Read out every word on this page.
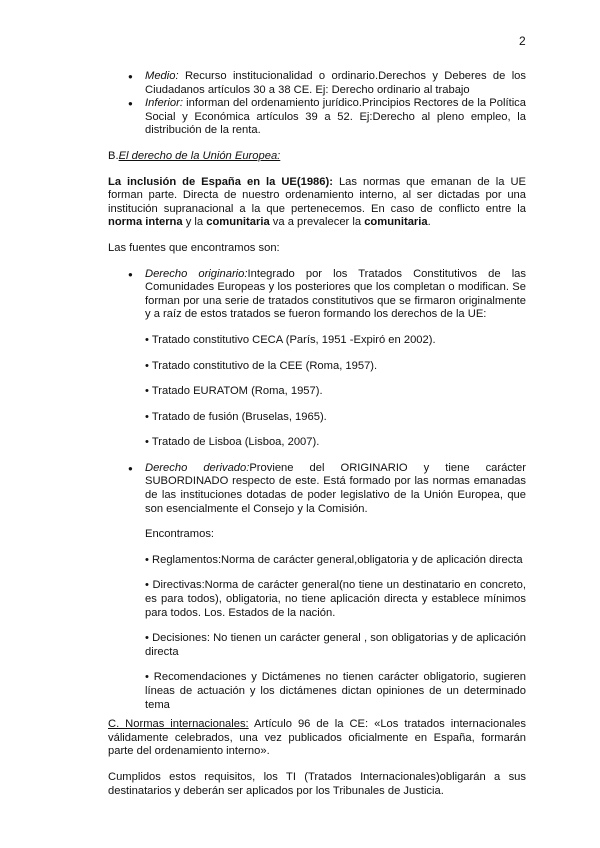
2
● Medio: Recurso institucionalidad o ordinario.Derechos y Deberes de los Ciudadanos artículos 30 a 38 CE. Ej: Derecho ordinario al trabajo
● Inferior: informan del ordenamiento jurídico.Principios Rectores de la Política Social y Económica artículos 39 a 52. Ej:Derecho al pleno empleo, la distribución de la renta.

B.El derecho de la Unión Europea:

La inclusión de España en la UE(1986): Las normas que emanan de la UE forman parte. Directa de nuestro ordenamiento interno, al ser dictadas por una institución supranacional a la que pertenecemos. En caso de conflicto entre la norma interna y la comunitaria va a prevalecer la comunitaria.

Las fuentes que encontramos son:

● Derecho originario:Integrado por los Tratados Constitutivos de las Comunidades Europeas y los posteriores que los completan o modifican. Se forman por una serie de tratados constitutivos que se firmaron originalmente y a raíz de estos tratados se fueron formando los derechos de la UE:

• Tratado constitutivo CECA (París, 1951 -Expiró en 2002).

• Tratado constitutivo de la CEE (Roma, 1957).

• Tratado EURATOM (Roma, 1957).

• Tratado de fusión (Bruselas, 1965).

• Tratado de Lisboa (Lisboa, 2007).

● Derecho derivado:Proviene del ORIGINARIO y tiene carácter SUBORDINADO respecto de este. Está formado por las normas emanadas de las instituciones dotadas de poder legislativo de la Unión Europea, que son esencialmente el Consejo y la Comisión.

Encontramos:

• Reglamentos:Norma de carácter general,obligatoria y de aplicación directa

• Directivas:Norma de carácter general(no tiene un destinatario en concreto, es para todos), obligatoria, no tiene aplicación directa y establece mínimos para todos. Los. Estados de la nación.

• Decisiones: No tienen un carácter general , son obligatorias y de aplicación directa

• Recomendaciones y Dictámenes no tienen carácter obligatorio, sugieren líneas de actuación y los dictámenes dictan opiniones de un determinado tema

C. Normas internacionales: Artículo 96 de la CE: «Los tratados internacionales válidamente celebrados, una vez publicados oficialmente en España, formarán parte del ordenamiento interno».

Cumplidos estos requisitos, los TI (Tratados Internacionales)obligarán a sus destinatarios y deberán ser aplicados por los Tribunales de Justicia.
